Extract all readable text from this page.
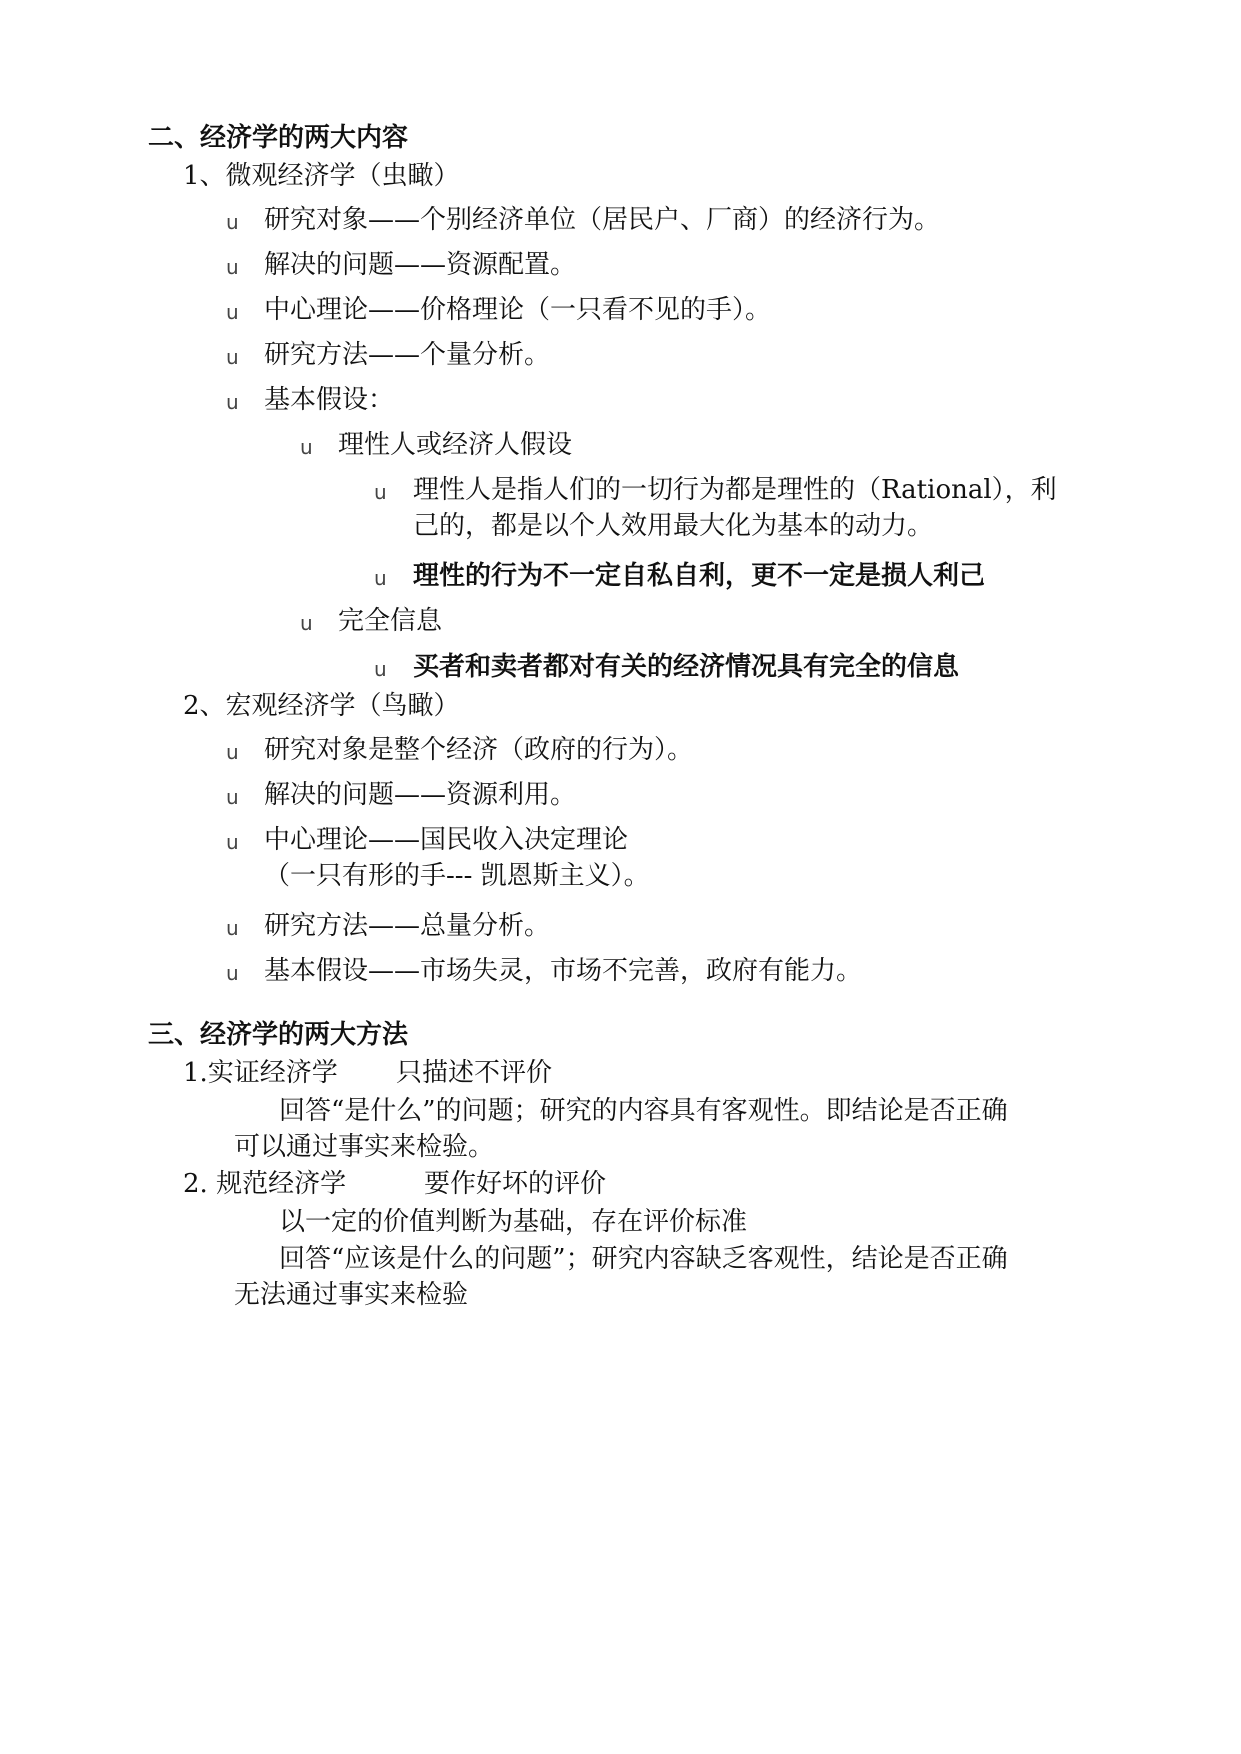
二、经济学的两大内容
1、微观经济学（虫瞰）
u 研究对象——个别经济单位（居民户、厂商）的经济行为。
u 解决的问题——资源配置。
u 中心理论——价格理论（一只看不见的手）。
u 研究方法——个量分析。
u 基本假设：
u 理性人或经济人假设
u 理性人是指人们的一切行为都是理性的（Rational），利
己的，都是以个人效用最大化为基本的动力。
u 理性的行为不一定自私自利，更不一定是损人利己
u 完全信息
u 买者和卖者都对有关的经济情况具有完全的信息
2、宏观经济学（鸟瞰）
u 研究对象是整个经济（政府的行为）。
u 解决的问题——资源利用。
u 中心理论——国民收入决定理论
（一只有形的手--- 凯恩斯主义）。
u 研究方法——总量分析。
u 基本假设——市场失灵，市场不完善，政府有能力。
三、经济学的两大方法
1.实证经济学 只描述不评价
回答“是什么”的问题；研究的内容具有客观性。即结论是否正确
可以通过事实来检验。
2. 规范经济学	要作好坏的评价
以一定的价值判断为基础，存在评价标准
回答“应该是什么的问题”；研究内容缺乏客观性，结论是否正确
无法通过事实来检验
